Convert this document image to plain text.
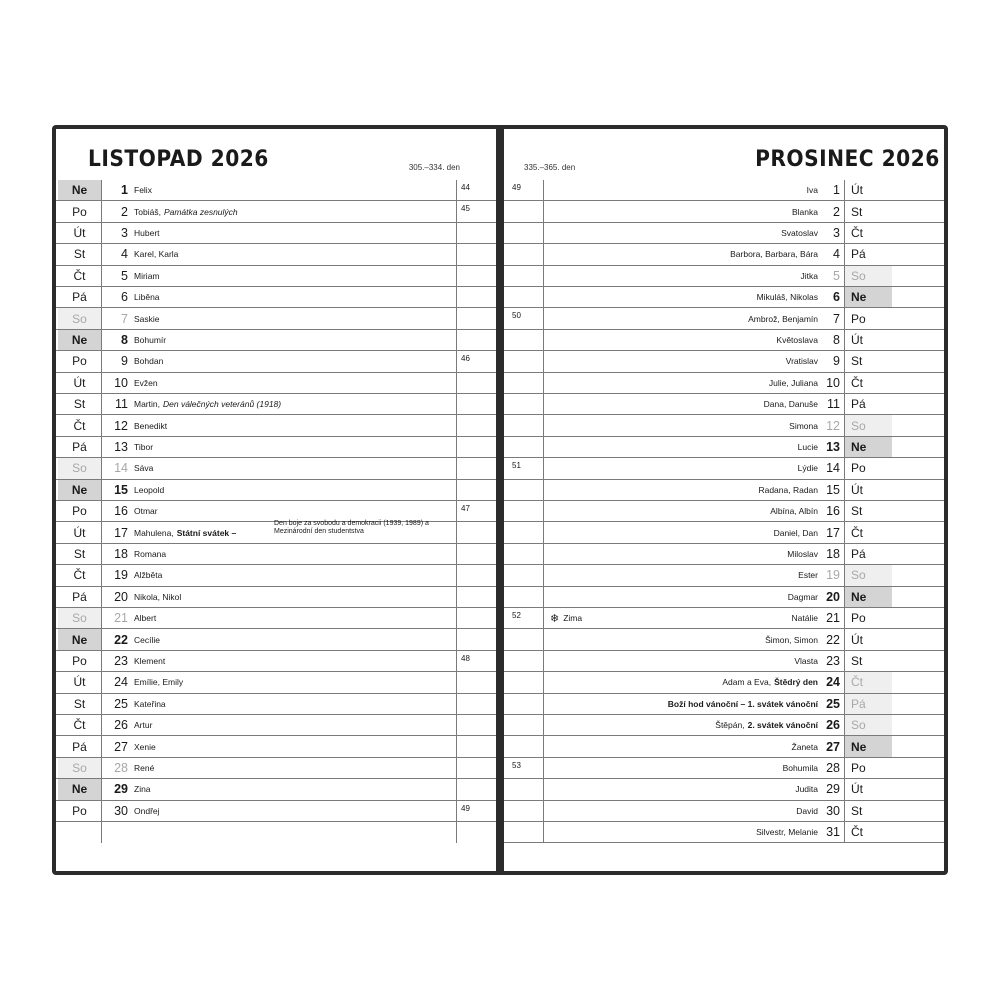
LISTOPAD 2026	305.–334. den
Ne	1 Felix	44
Po	2 Tobiáš, Památka zesnulých	45
Út	3 Hubert
St	4 Karel, Karla
Čt	5 Miriam
Pá	6 Liběna
So	7 Saskie
Ne	8 Bohumír
Po	9 Bohdan	46
Út	10 Evžen
St	11 Martin, Den válečných veteránů (1918)
Čt	12 Benedikt
Pá	13 Tibor
So	14 Sáva
Ne	15 Leopold
Po	16 Otmar	47
Út	17 Mahulena, Státní svátek –
Den boje za svobodu a demokracii (1939, 1989) a Mezinárodní den studentstva
St	18 Romana
Čt	19 Alžběta
Pá	20 Nikola, Nikol
So	21 Albert
Ne	22 Cecílie
Po	23 Klement	48
Út	24 Emílie, Emily
St	25 Kateřina
Čt	26 Artur
Pá	27 Xenie
So	28 René
Ne	29 Zina
Po	30 Ondřej	49
PROSINEC 2026
335.–365. den
49	Iva	1 Út
Blanka	2 St
Svatoslav	3 Čt
Barbora, Barbara, Bára	4 Pá
Jitka	5 So
Mikuláš, Nikolas	6 Ne
50	Ambrož, Benjamín	7 Po
Květoslava	8 Út
Vratislav	9 St
Julie, Juliana 10 Čt
Dana, Danuše 11 Pá
Simona 12 So
Lucie 13 Ne
51	Lýdie 14 Po
Radana, Radan 15 Út
Albína, Albín 16 St
Daniel, Dan 17 Čt
Miloslav 18 Pá
Ester 19 So
Dagmar 20 Ne
52	❄ Zima	Natálie 21 Po
Šimon, Simon 22 Út
Vlasta 23 St
Adam a Eva, Štědrý den 24 Čt
Boží hod vánoční – 1. svátek vánoční 25 Pá
Štěpán, 2. svátek vánoční 26 So
Žaneta 27 Ne
53	Bohumila 28 Po
Judita 29 Út
David 30 St
Silvestr, Melanie 31 Čt
